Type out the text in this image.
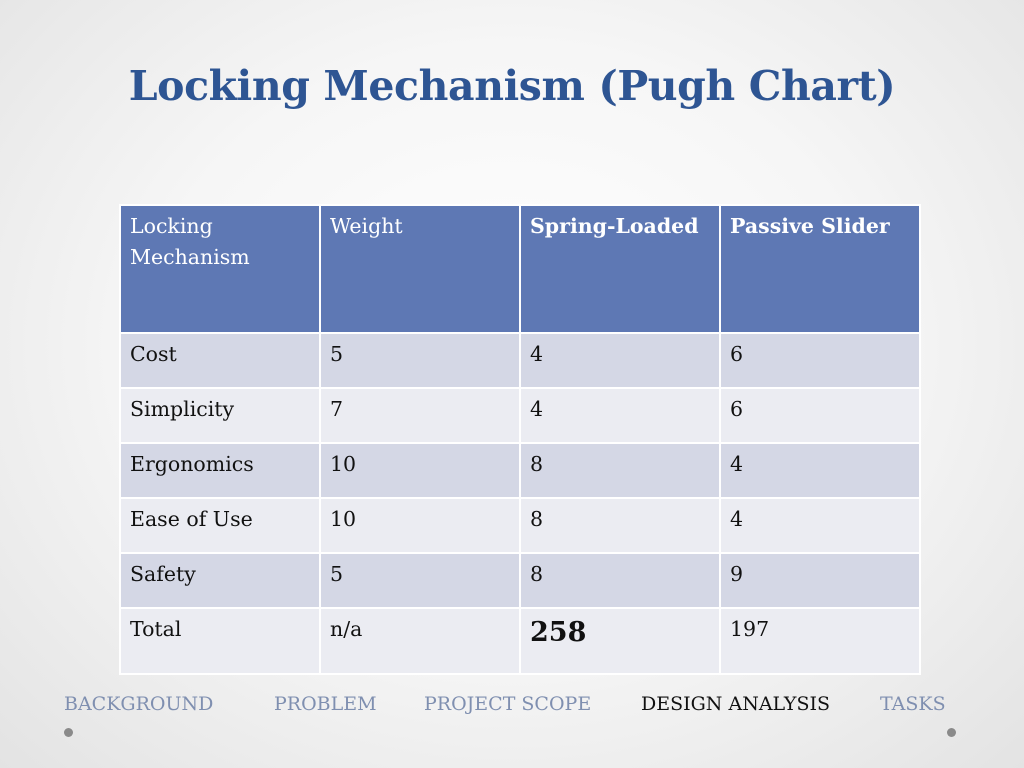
Locking Mechanism (Pugh Chart)
Locking Mechanism	Weight	Spring-Loaded	Passive Slider
Cost	5	4	6
Simplicity	7	4	6
Ergonomics	10	8	4
Ease of Use	10	8	4
Safety	5	8	9
Total	n/a	258	197
BACKGROUND	PROBLEM PROJECT SCOPE	DESIGN ANALYSIS	TASKS
